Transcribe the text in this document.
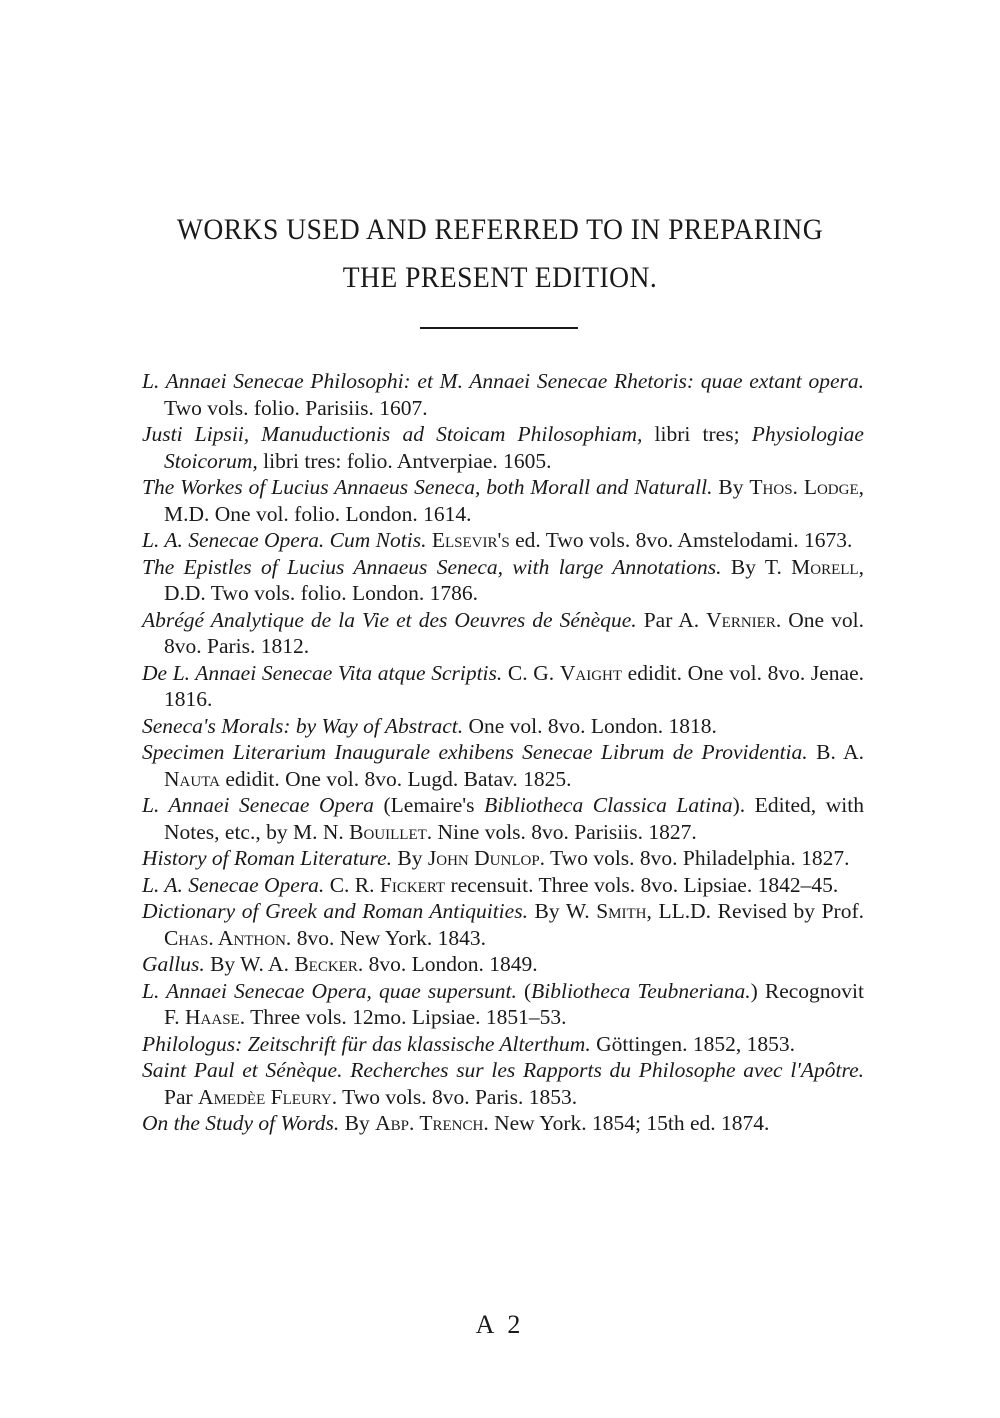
WORKS USED AND REFERRED TO IN PREPARING
THE PRESENT EDITION.
L. Annaei Senecae Philosophi: et M. Annaei Senecae Rhetoris: quae extant opera. Two vols. folio. Parisiis. 1607.
Justi Lipsii, Manuductionis ad Stoicam Philosophiam, libri tres; Physiologiae Stoicorum, libri tres: folio. Antverpiae. 1605.
The Workes of Lucius Annaeus Seneca, both Morall and Naturall. By Thos. Lodge, M.D. One vol. folio. London. 1614.
L. A. Senecae Opera. Cum Notis. Elsevir's ed. Two vols. 8vo. Amstelodami. 1673.
The Epistles of Lucius Annaeus Seneca, with large Annotations. By T. Morell, D.D. Two vols. folio. London. 1786.
Abrégé Analytique de la Vie et des Oeuvres de Sénèque. Par A. Vernier. One vol. 8vo. Paris. 1812.
De L. Annaei Senecae Vita atque Scriptis. C. G. Vaight edidit. One vol. 8vo. Jenae. 1816.
Seneca's Morals: by Way of Abstract. One vol. 8vo. London. 1818.
Specimen Literarium Inaugurale exhibens Senecae Librum de Providentia. B. A. Nauta edidit. One vol. 8vo. Lugd. Batav. 1825.
L. Annaei Senecae Opera (Lemaire's Bibliotheca Classica Latina). Edited, with Notes, etc., by M. N. Bouillet. Nine vols. 8vo. Parisiis. 1827.
History of Roman Literature. By John Dunlop. Two vols. 8vo. Philadelphia. 1827.
L. A. Senecae Opera. C. R. Fickert recensuit. Three vols. 8vo. Lipsiae. 1842–45.
Dictionary of Greek and Roman Antiquities. By W. Smith, LL.D. Revised by Prof. Chas. Anthon. 8vo. New York. 1843.
Gallus. By W. A. Becker. 8vo. London. 1849.
L. Annaei Senecae Opera, quae supersunt. (Bibliotheca Teubneriana.) Recognovit F. Haase. Three vols. 12mo. Lipsiae. 1851–53.
Philologus: Zeitschrift für das klassische Alterthum. Göttingen. 1852, 1853.
Saint Paul et Sénèque. Recherches sur les Rapports du Philosophe avec l'Apôtre. Par Amedèe Fleury. Two vols. 8vo. Paris. 1853.
On the Study of Words. By Abp. Trench. New York. 1854; 15th ed. 1874.
A 2
